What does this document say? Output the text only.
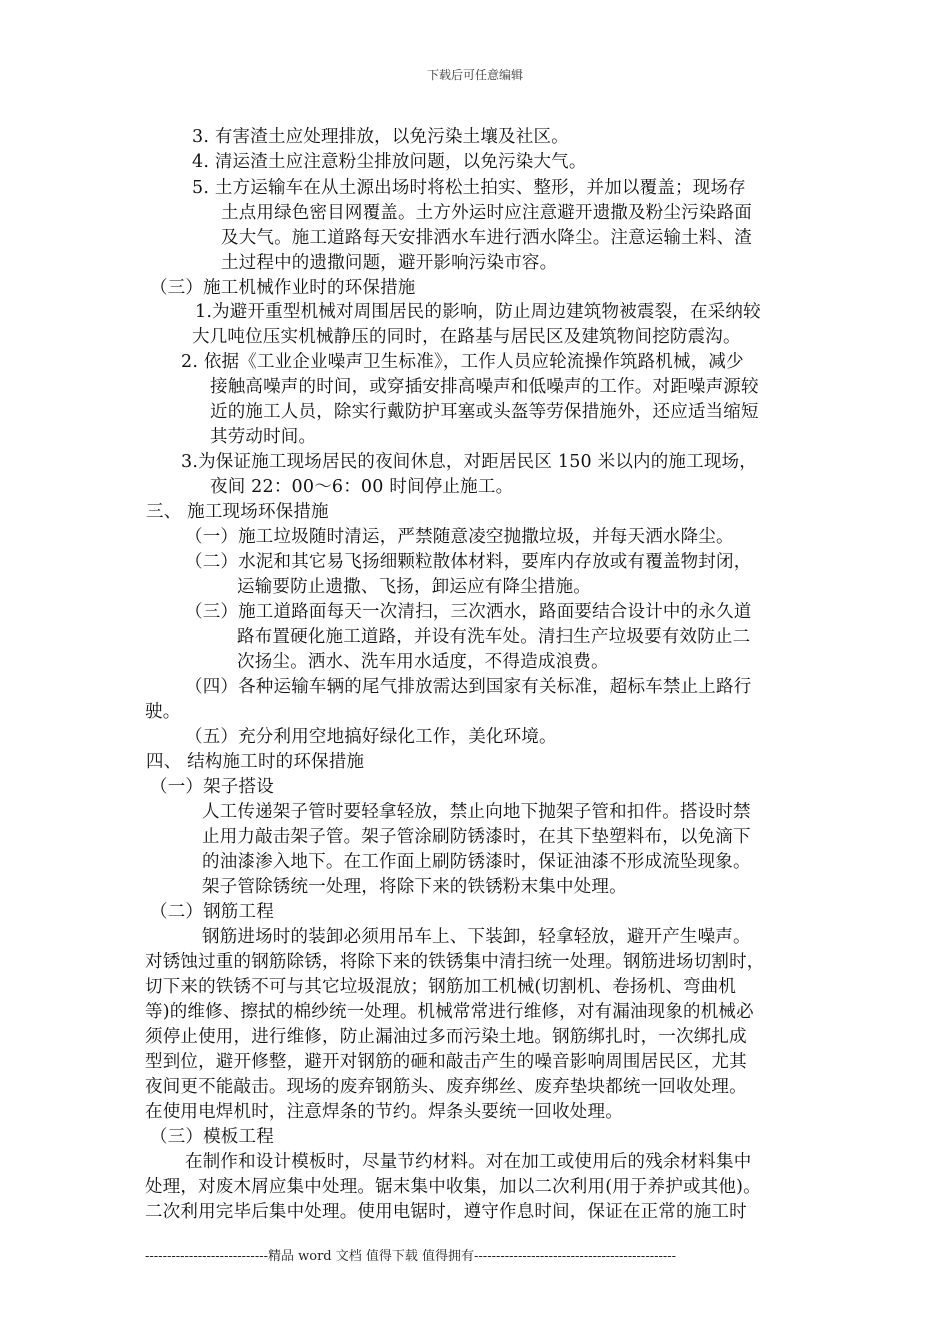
下载后可任意编辑
3. 有害渣土应处理排放，以免污染土壤及社区。
4. 清运渣土应注意粉尘排放问题，以免污染大气。
5. 土方运输车在从土源出场时将松土拍实、整形，并加以覆盖；现场存
土点用绿色密目网覆盖。土方外运时应注意避开遗撒及粉尘污染路面
及大气。施工道路每天安排洒水车进行洒水降尘。注意运输土料、渣
土过程中的遗撒问题，避开影响污染市容。
（三）施工机械作业时的环保措施
1.为避开重型机械对周围居民的影响，防止周边建筑物被震裂，在采纳较
大几吨位压实机械静压的同时，在路基与居民区及建筑物间挖防震沟。
2. 依据《工业企业噪声卫生标准》，工作人员应轮流操作筑路机械，减少
接触高噪声的时间，或穿插安排高噪声和低噪声的工作。对距噪声源较
近的施工人员，除实行戴防护耳塞或头盔等劳保措施外，还应适当缩短
其劳动时间。
3.为保证施工现场居民的夜间休息，对距居民区 150 米以内的施工现场，
夜间 22：00～6：00 时间停止施工。
三、 施工现场环保措施
（一）施工垃圾随时清运，严禁随意凌空抛撒垃圾，并每天洒水降尘。
（二）水泥和其它易飞扬细颗粒散体材料，要库内存放或有覆盖物封闭，
运输要防止遗撒、飞扬，卸运应有降尘措施。
（三）施工道路面每天一次清扫，三次洒水，路面要结合设计中的永久道
路布置硬化施工道路，并设有洗车处。清扫生产垃圾要有效防止二
次扬尘。洒水、洗车用水适度，不得造成浪费。
（四）各种运输车辆的尾气排放需达到国家有关标准，超标车禁止上路行
驶。
（五）充分利用空地搞好绿化工作，美化环境。
四、 结构施工时的环保措施
（一）架子搭设
人工传递架子管时要轻拿轻放，禁止向地下抛架子管和扣件。搭设时禁
止用力敲击架子管。架子管涂刷防锈漆时，在其下垫塑料布，以免滴下
的油漆渗入地下。在工作面上刷防锈漆时，保证油漆不形成流坠现象。
架子管除锈统一处理，将除下来的铁锈粉末集中处理。
（二）钢筋工程
钢筋进场时的装卸必须用吊车上、下装卸，轻拿轻放，避开产生噪声。
对锈蚀过重的钢筋除锈，将除下来的铁锈集中清扫统一处理。钢筋进场切割时，
切下来的铁锈不可与其它垃圾混放；钢筋加工机械(切割机、卷扬机、弯曲机
等)的维修、擦拭的棉纱统一处理。机械常常进行维修，对有漏油现象的机械必
须停止使用，进行维修，防止漏油过多而污染土地。钢筋绑扎时，一次绑扎成
型到位，避开修整，避开对钢筋的砸和敲击产生的噪音影响周围居民区，尤其
夜间更不能敲击。现场的废弃钢筋头、废弃绑丝、废弃垫块都统一回收处理。
在使用电焊机时，注意焊条的节约。焊条头要统一回收处理。
（三）模板工程
在制作和设计模板时，尽量节约材料。对在加工或使用后的残余材料集中
处理，对废木屑应集中处理。锯末集中收集，加以二次利用(用于养护或其他)。
二次利用完毕后集中处理。使用电锯时，遵守作息时间，保证在正常的施工时
----------------------------精品 word 文档 值得下载 值得拥有----------------------------------------------
